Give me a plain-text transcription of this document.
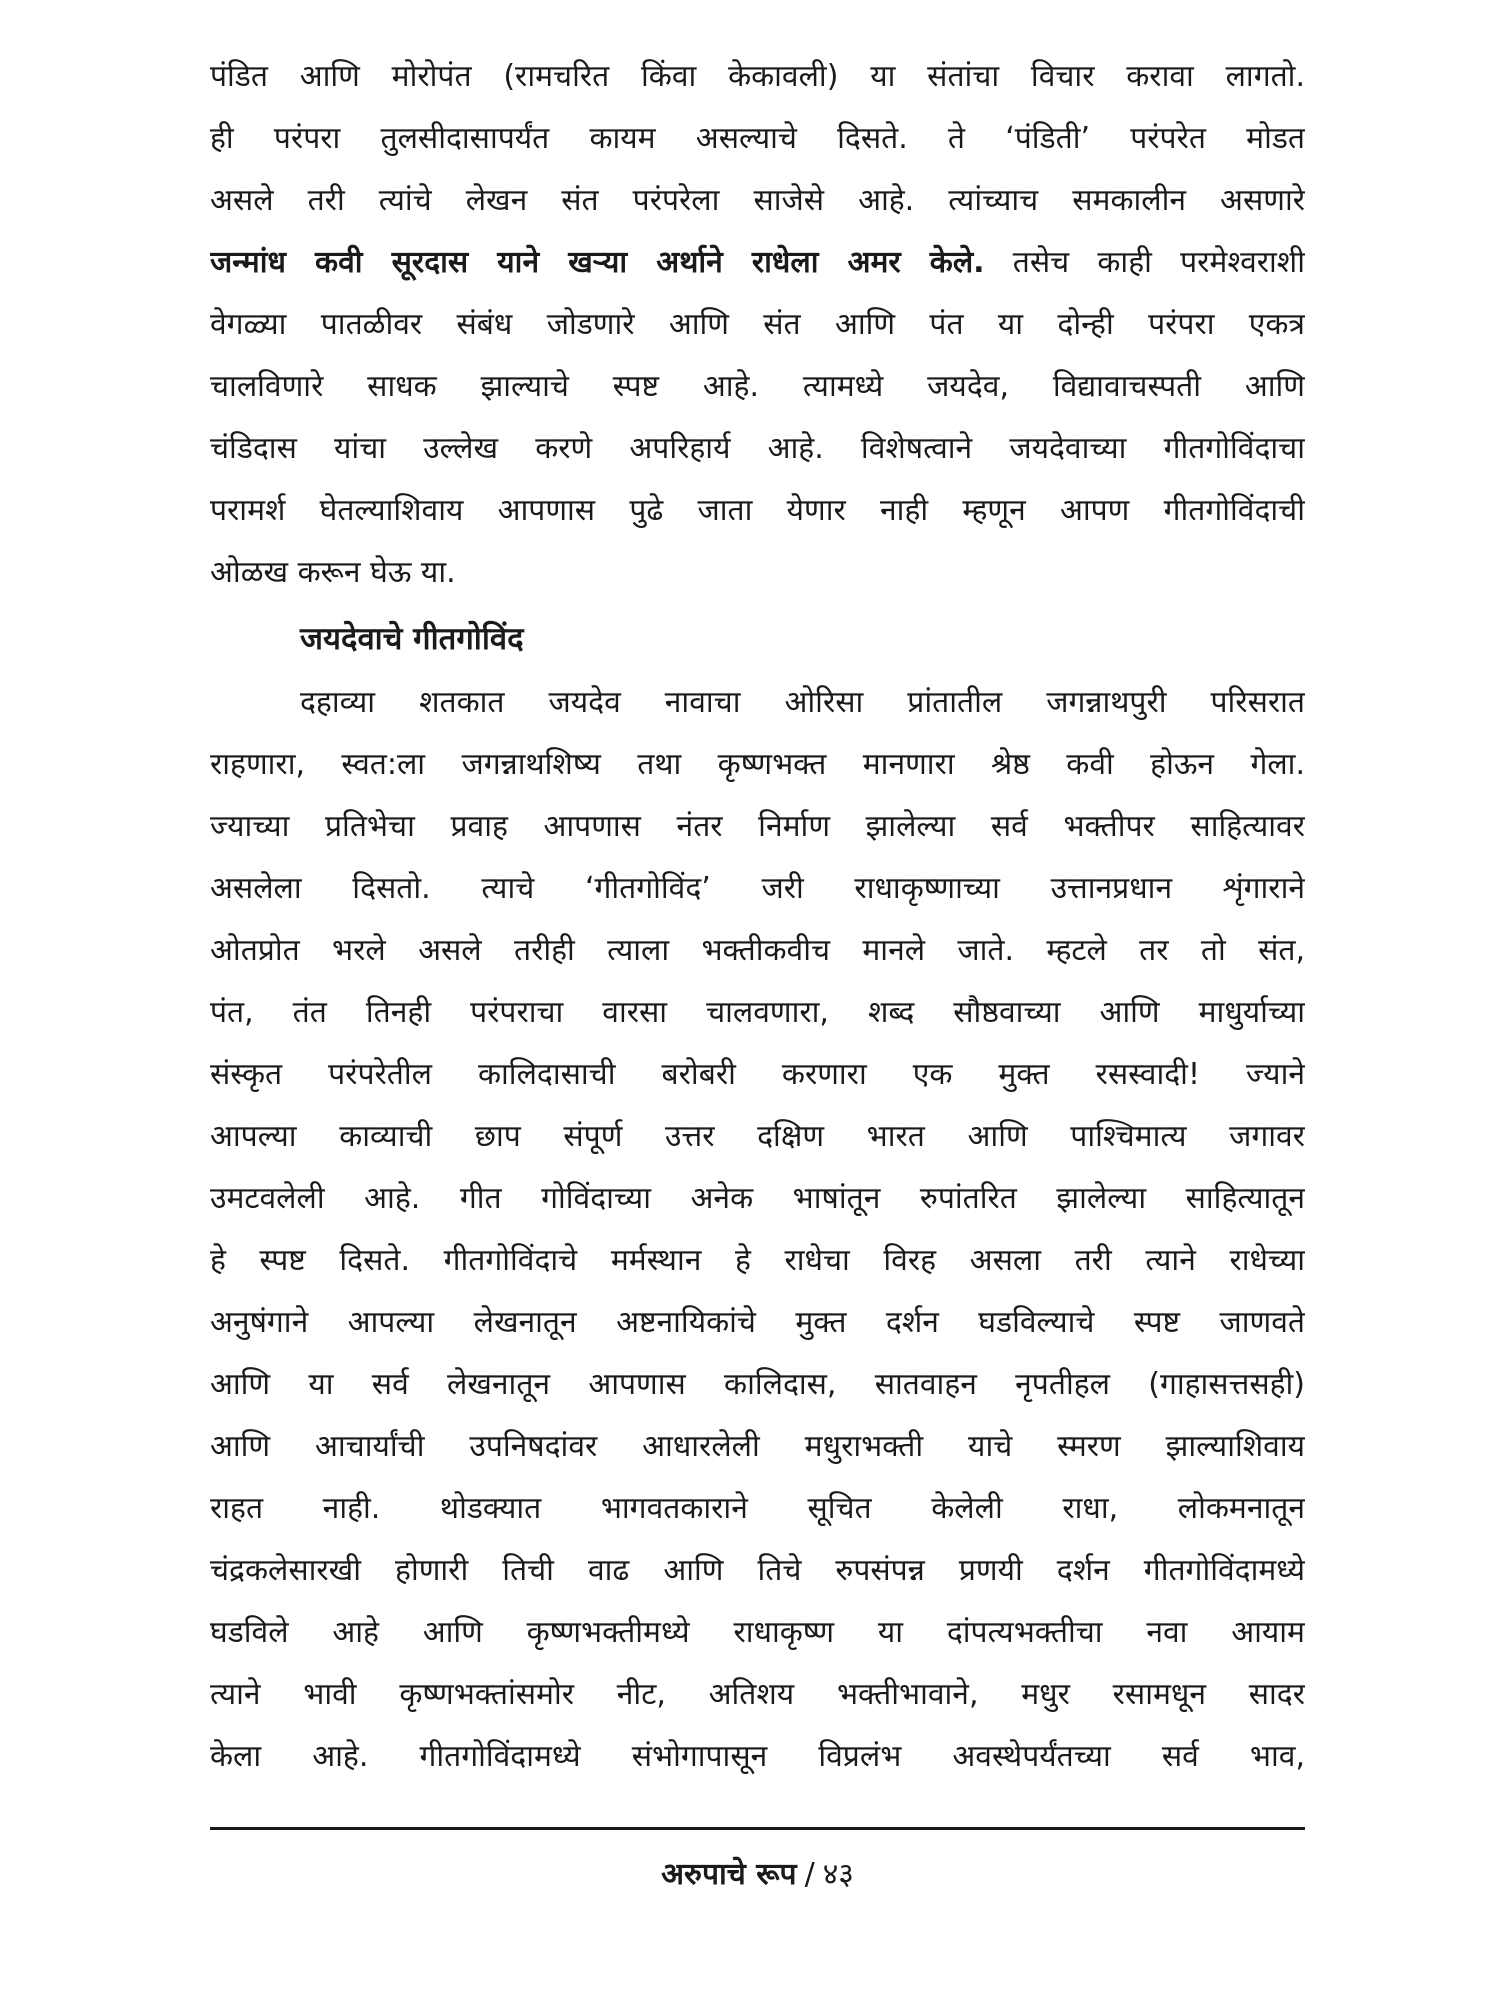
पंडित आणि मोरोपंत (रामचरित किंवा केकावली) या संतांचा विचार करावा लागतो.
ही परंपरा तुलसीदासापर्यंत कायम असल्याचे दिसते. ते ‘पंडिती’ परंपरेत मोडत
असले तरी त्यांचे लेखन संत परंपरेला साजेसे आहे. त्यांच्याच समकालीन असणारे
जन्मांध कवी सूरदास याने खऱ्या अर्थाने राधेला अमर केले. तसेच काही परमेश्वराशी
वेगळ्या पातळीवर संबंध जोडणारे आणि संत आणि पंत या दोन्ही परंपरा एकत्र
चालविणारे साधक झाल्याचे स्पष्ट आहे. त्यामध्ये जयदेव, विद्यावाचस्पती आणि
चंडिदास यांचा उल्लेख करणे अपरिहार्य आहे. विशेषत्वाने जयदेवाच्या गीतगोविंदाचा
परामर्श घेतल्याशिवाय आपणास पुढे जाता येणार नाही म्हणून आपण गीतगोविंदाची
ओळख करून घेऊ या.
जयदेवाचे गीतगोविंद
दहाव्या शतकात जयदेव नावाचा ओरिसा प्रांतातील जगन्नाथपुरी परिसरात
राहणारा, स्वत:ला जगन्नाथशिष्य तथा कृष्णभक्त मानणारा श्रेष्ठ कवी होऊन गेला.
ज्याच्या प्रतिभेचा प्रवाह आपणास नंतर निर्माण झालेल्या सर्व भक्तीपर साहित्यावर
असलेला दिसतो. त्याचे ‘गीतगोविंद’ जरी राधाकृष्णाच्या उत्तानप्रधान शृंगाराने
ओतप्रोत भरले असले तरीही त्याला भक्तीकवीच मानले जाते. म्हटले तर तो संत,
पंत, तंत तिनही परंपराचा वारसा चालवणारा, शब्द सौष्ठवाच्या आणि माधुर्याच्या
संस्कृत परंपरेतील कालिदासाची बरोबरी करणारा एक मुक्त रसस्वादी! ज्याने
आपल्या काव्याची छाप संपूर्ण उत्तर दक्षिण भारत आणि पाश्चिमात्य जगावर
उमटवलेली आहे. गीत गोविंदाच्या अनेक भाषांतून रुपांतरित झालेल्या साहित्यातून
हे स्पष्ट दिसते. गीतगोविंदाचे मर्मस्थान हे राधेचा विरह असला तरी त्याने राधेच्या
अनुषंगाने आपल्या लेखनातून अष्टनायिकांचे मुक्त दर्शन घडविल्याचे स्पष्ट जाणवते
आणि या सर्व लेखनातून आपणास कालिदास, सातवाहन नृपतीहल (गाहासत्तसही)
आणि आचार्यांची उपनिषदांवर आधारलेली मधुराभक्ती याचे स्मरण झाल्याशिवाय
राहत नाही. थोडक्यात भागवतकाराने सूचित केलेली राधा, लोकमनातून
चंद्रकलेसारखी होणारी तिची वाढ आणि तिचे रुपसंपन्न प्रणयी दर्शन गीतगोविंदामध्ये
घडविले आहे आणि कृष्णभक्तीमध्ये राधाकृष्ण या दांपत्यभक्तीचा नवा आयाम
त्याने भावी कृष्णभक्तांसमोर नीट, अतिशय भक्तीभावाने, मधुर रसामधून सादर
केला आहे. गीतगोविंदामध्ये संभोगापासून विप्रलंभ अवस्थेपर्यंतच्या सर्व भाव,
अरुपाचे रूप / ४३
